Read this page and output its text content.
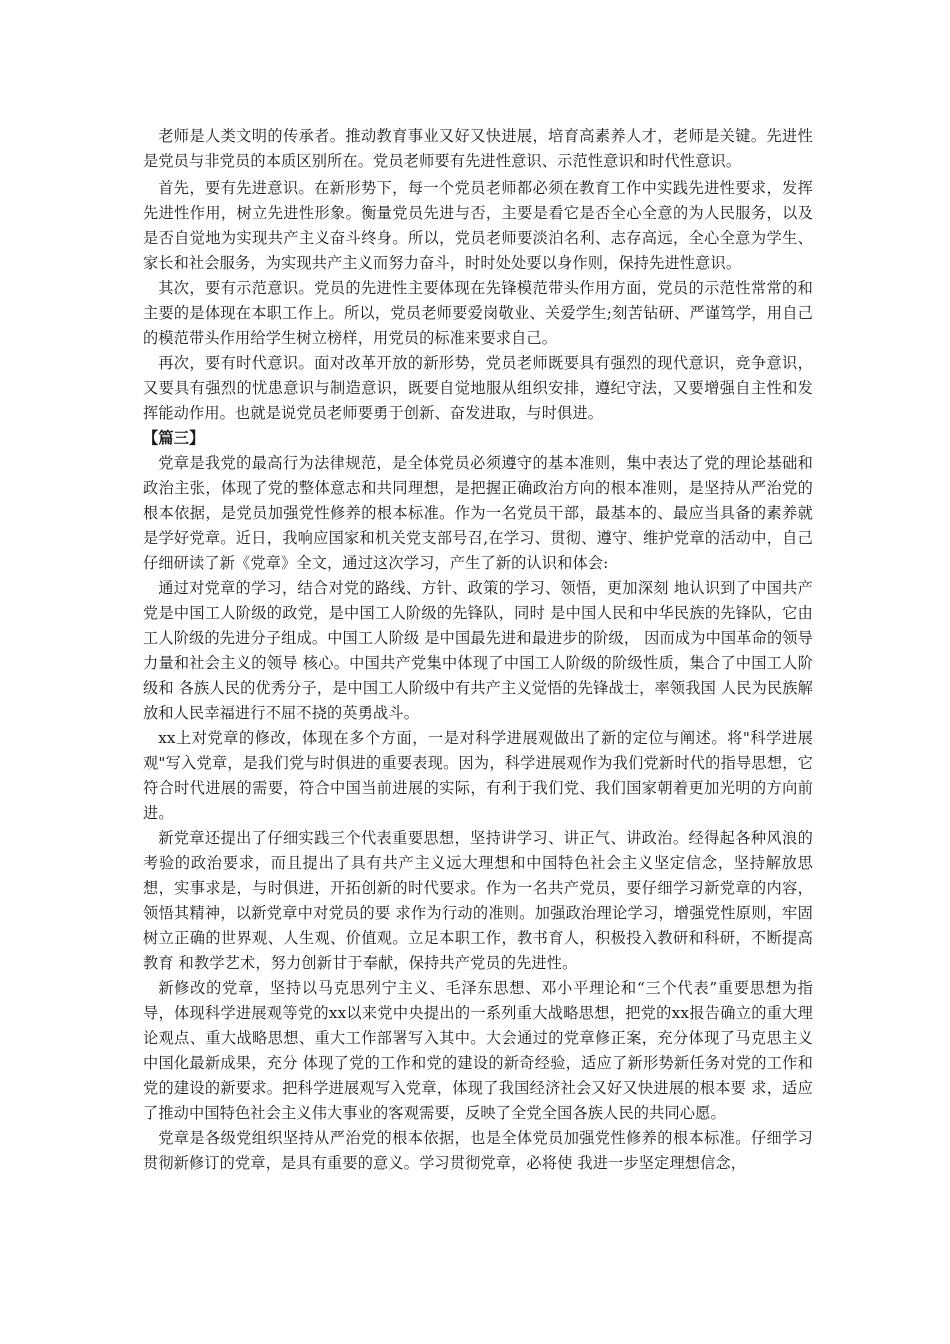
老师是人类文明的传承者。推动教育事业又好又快进展，培育高素养人才，老师是关键。先进性是党员与非党员的本质区别所在。党员老师要有先进性意识、示范性意识和时代性意识。

首先，要有先进意识。在新形势下，每一个党员老师都必须在教育工作中实践先进性要求，发挥先进性作用，树立先进性形象。衡量党员先进与否，主要是看它是否全心全意的为人民服务，以及是否自觉地为实现共产主义奋斗终身。所以，党员老师要淡泊名利、志存高远，全心全意为学生、家长和社会服务，为实现共产主义而努力奋斗，时时处处要以身作则，保持先进性意识。

其次，要有示范意识。党员的先进性主要体现在先锋模范带头作用方面，党员的示范性常常的和主要的是体现在本职工作上。所以，党员老师要爱岗敬业、关爱学生;刻苦钻研、严谨笃学，用自己的模范带头作用给学生树立榜样，用党员的标准来要求自己。

再次，要有时代意识。面对改革开放的新形势，党员老师既要具有强烈的现代意识，竞争意识，又要具有强烈的忧患意识与制造意识，既要自觉地服从组织安排，遵纪守法，又要增强自主性和发挥能动作用。也就是说党员老师要勇于创新、奋发进取，与时俱进。

【篇三】

党章是我党的最高行为法律规范，是全体党员必须遵守的基本准则，集中表达了党的理论基础和政治主张，体现了党的整体意志和共同理想，是把握正确政治方向的根本准则，是坚持从严治党的根本依据，是党员加强党性修养的根本标准。作为一名党员干部，最基本的、最应当具备的素养就是学好党章。近日，我响应国家和机关党支部号召,在学习、贯彻、遵守、维护党章的活动中，自己仔细研读了新《党章》全文，通过这次学习，产生了新的认识和体会:

通过对党章的学习，结合对党的路线、方针、政策的学习、领悟，更加深刻 地认识到了中国共产党是中国工人阶级的政党，是中国工人阶级的先锋队，同时 是中国人民和中华民族的先锋队，它由工人阶级的先进分子组成。中国工人阶级 是中国最先进和最进步的阶级， 因而成为中国革命的领导力量和社会主义的领导 核心。中国共产党集中体现了中国工人阶级的阶级性质，集合了中国工人阶级和 各族人民的优秀分子，是中国工人阶级中有共产主义觉悟的先锋战士，率领我国 人民为民族解放和人民幸福进行不屈不挠的英勇战斗。

xx上对党章的修改，体现在多个方面，一是对科学进展观做出了新的定位与阐述。将"科学进展观"写入党章，是我们党与时俱进的重要表现。因为，科学进展观作为我们党新时代的指导思想，它符合时代进展的需要，符合中国当前进展的实际，有利于我们党、我们国家朝着更加光明的方向前进。

新党章还提出了仔细实践三个代表重要思想，坚持讲学习、讲正气、讲政治。经得起各种风浪的考验的政治要求，而且提出了具有共产主义远大理想和中国特色社会主义坚定信念，坚持解放思想，实事求是，与时俱进，开拓创新的时代要求。作为一名共产党员，要仔细学习新党章的内容，领悟其精神，以新党章中对党员的要 求作为行动的准则。加强政治理论学习，增强党性原则，牢固树立正确的世界观、人生观、价值观。立足本职工作，教书育人，积极投入教研和科研，不断提高教育 和教学艺术，努力创新甘于奉献，保持共产党员的先进性。

新修改的党章，坚持以马克思列宁主义、毛泽东思想、邓小平理论和“三个代表”重要思想为指导，体现科学进展观等党的xx以来党中央提出的一系列重大战略思想，把党的xx报告确立的重大理论观点、重大战略思想、重大工作部署写入其中。大会通过的党章修正案，充分体现了马克思主义中国化最新成果，充分 体现了党的工作和党的建设的新奇经验，适应了新形势新任务对党的工作和党的建设的新要求。把科学进展观写入党章，体现了我国经济社会又好又快进展的根本要 求，适应了推动中国特色社会主义伟大事业的客观需要，反映了全党全国各族人民的共同心愿。

党章是各级党组织坚持从严治党的根本依据，也是全体党员加强党性修养的根本标准。仔细学习贯彻新修订的党章，是具有重要的意义。学习贯彻党章，必将使 我进一步坚定理想信念，
